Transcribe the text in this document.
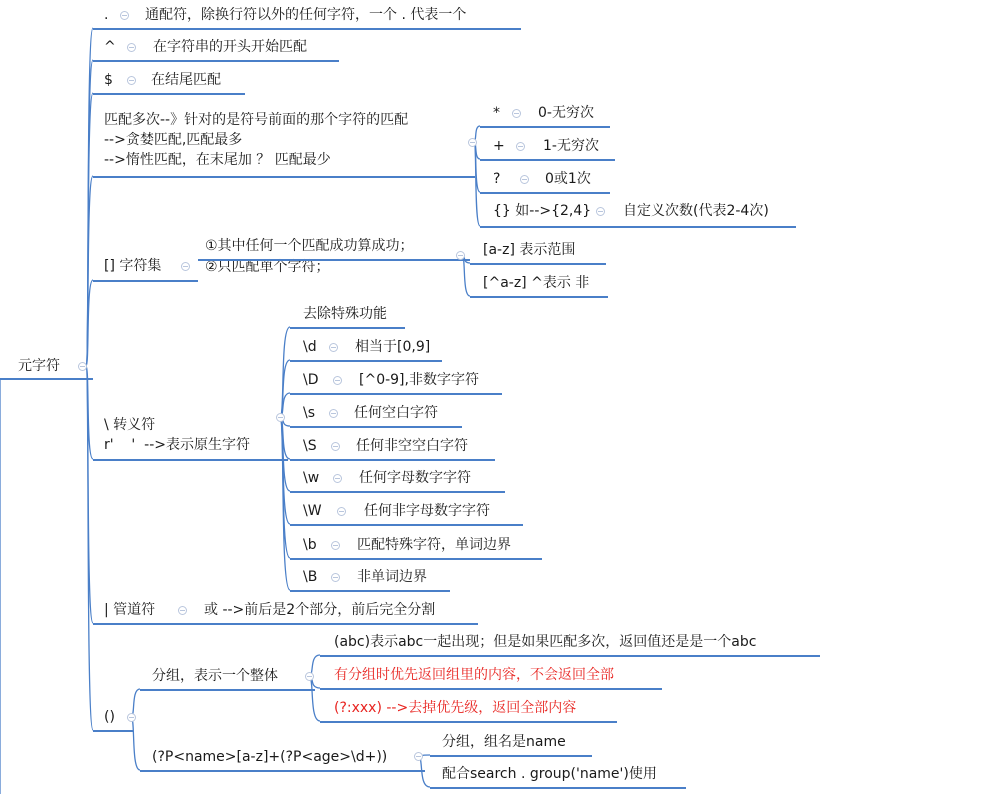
元字符
.	通配符，除换行符以外的任何字符，一个 . 代表一个
^	在字符串的开头开始匹配
$	在结尾匹配
匹配多次--》针对的是符号前面的那个字符的匹配
-->贪婪匹配,匹配最多
-->惰性匹配，在末尾加 ？ 匹配最少
*	0-无穷次
+	1-无穷次
?	0或1次
{} 如-->{2,4} 自定义次数(代表2-4次)
[] 字符集
①其中任何一个匹配成功算成功；
②只匹配单个字符；
[a-z] 表示范围
[^a-z] ^表示 非
\ 转义符
r'    '  -->表示原生字符
去除特殊功能
\d	相当于[0,9]
\D	[^0-9],非数字字符
\s	任何空白字符
\S	任何非空空白字符
\w	任何字母数字字符
\W	任何非字母数字字符
\b	匹配特殊字符，单词边界
\B	非单词边界
| 管道符	或 -->前后是2个部分，前后完全分割
()
分组，表示一个整体
(abc)表示abc一起出现；但是如果匹配多次，返回值还是是一个abc
有分组时优先返回组里的内容，不会返回全部
(?:xxx) -->去掉优先级，返回全部内容
(?P<name>[a-z]+(?P<age>\d+))
分组，组名是name
配合search . group('name')使用
